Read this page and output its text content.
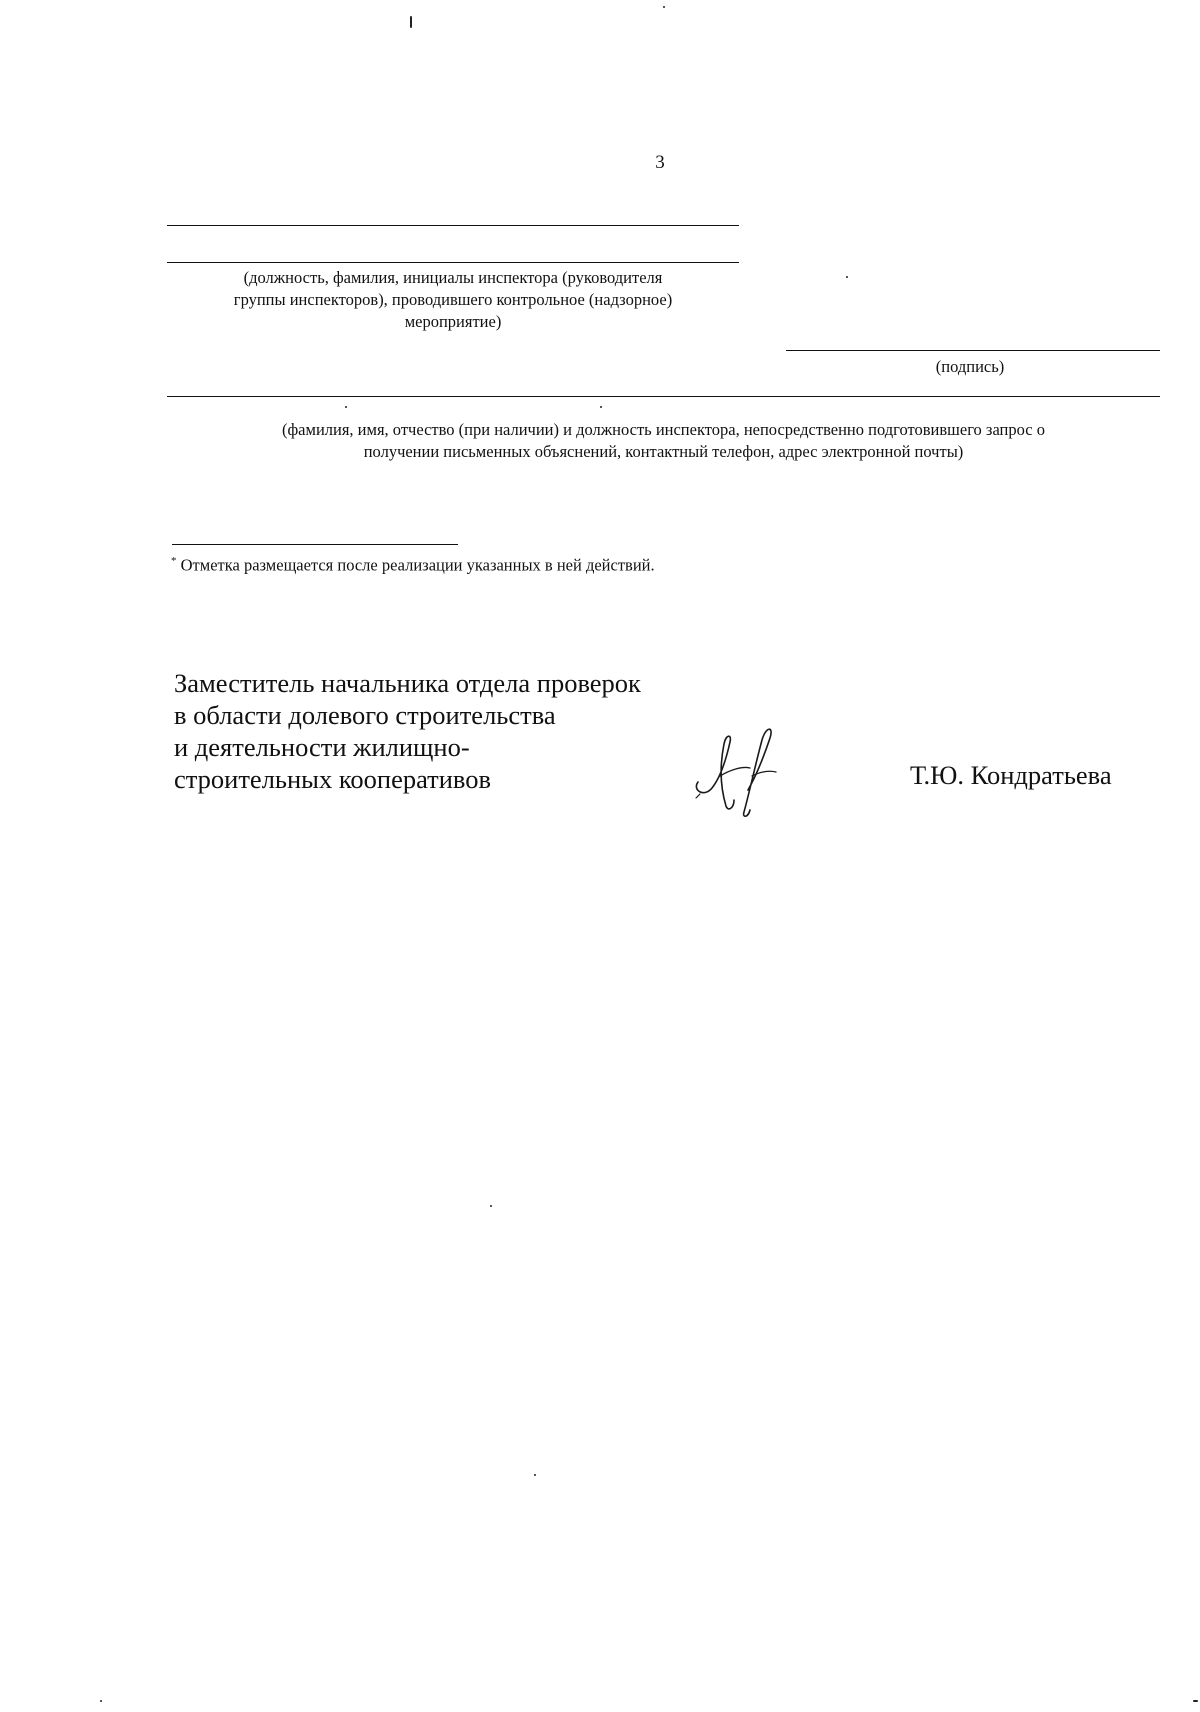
3
(должность, фамилия, инициалы инспектора (руководителя
группы инспекторов), проводившего контрольное (надзорное)
мероприятие)
(подпись)
(фамилия, имя, отчество (при наличии) и должность инспектора, непосредственно подготовившего запрос о
получении письменных объяснений, контактный телефон, адрес электронной почты)
* Отметка размещается после реализации указанных в ней действий.
Заместитель начальника отдела проверок
в области долевого строительства
и деятельности жилищно-
строительных кооперативов	Т.Ю. Кондратьева
